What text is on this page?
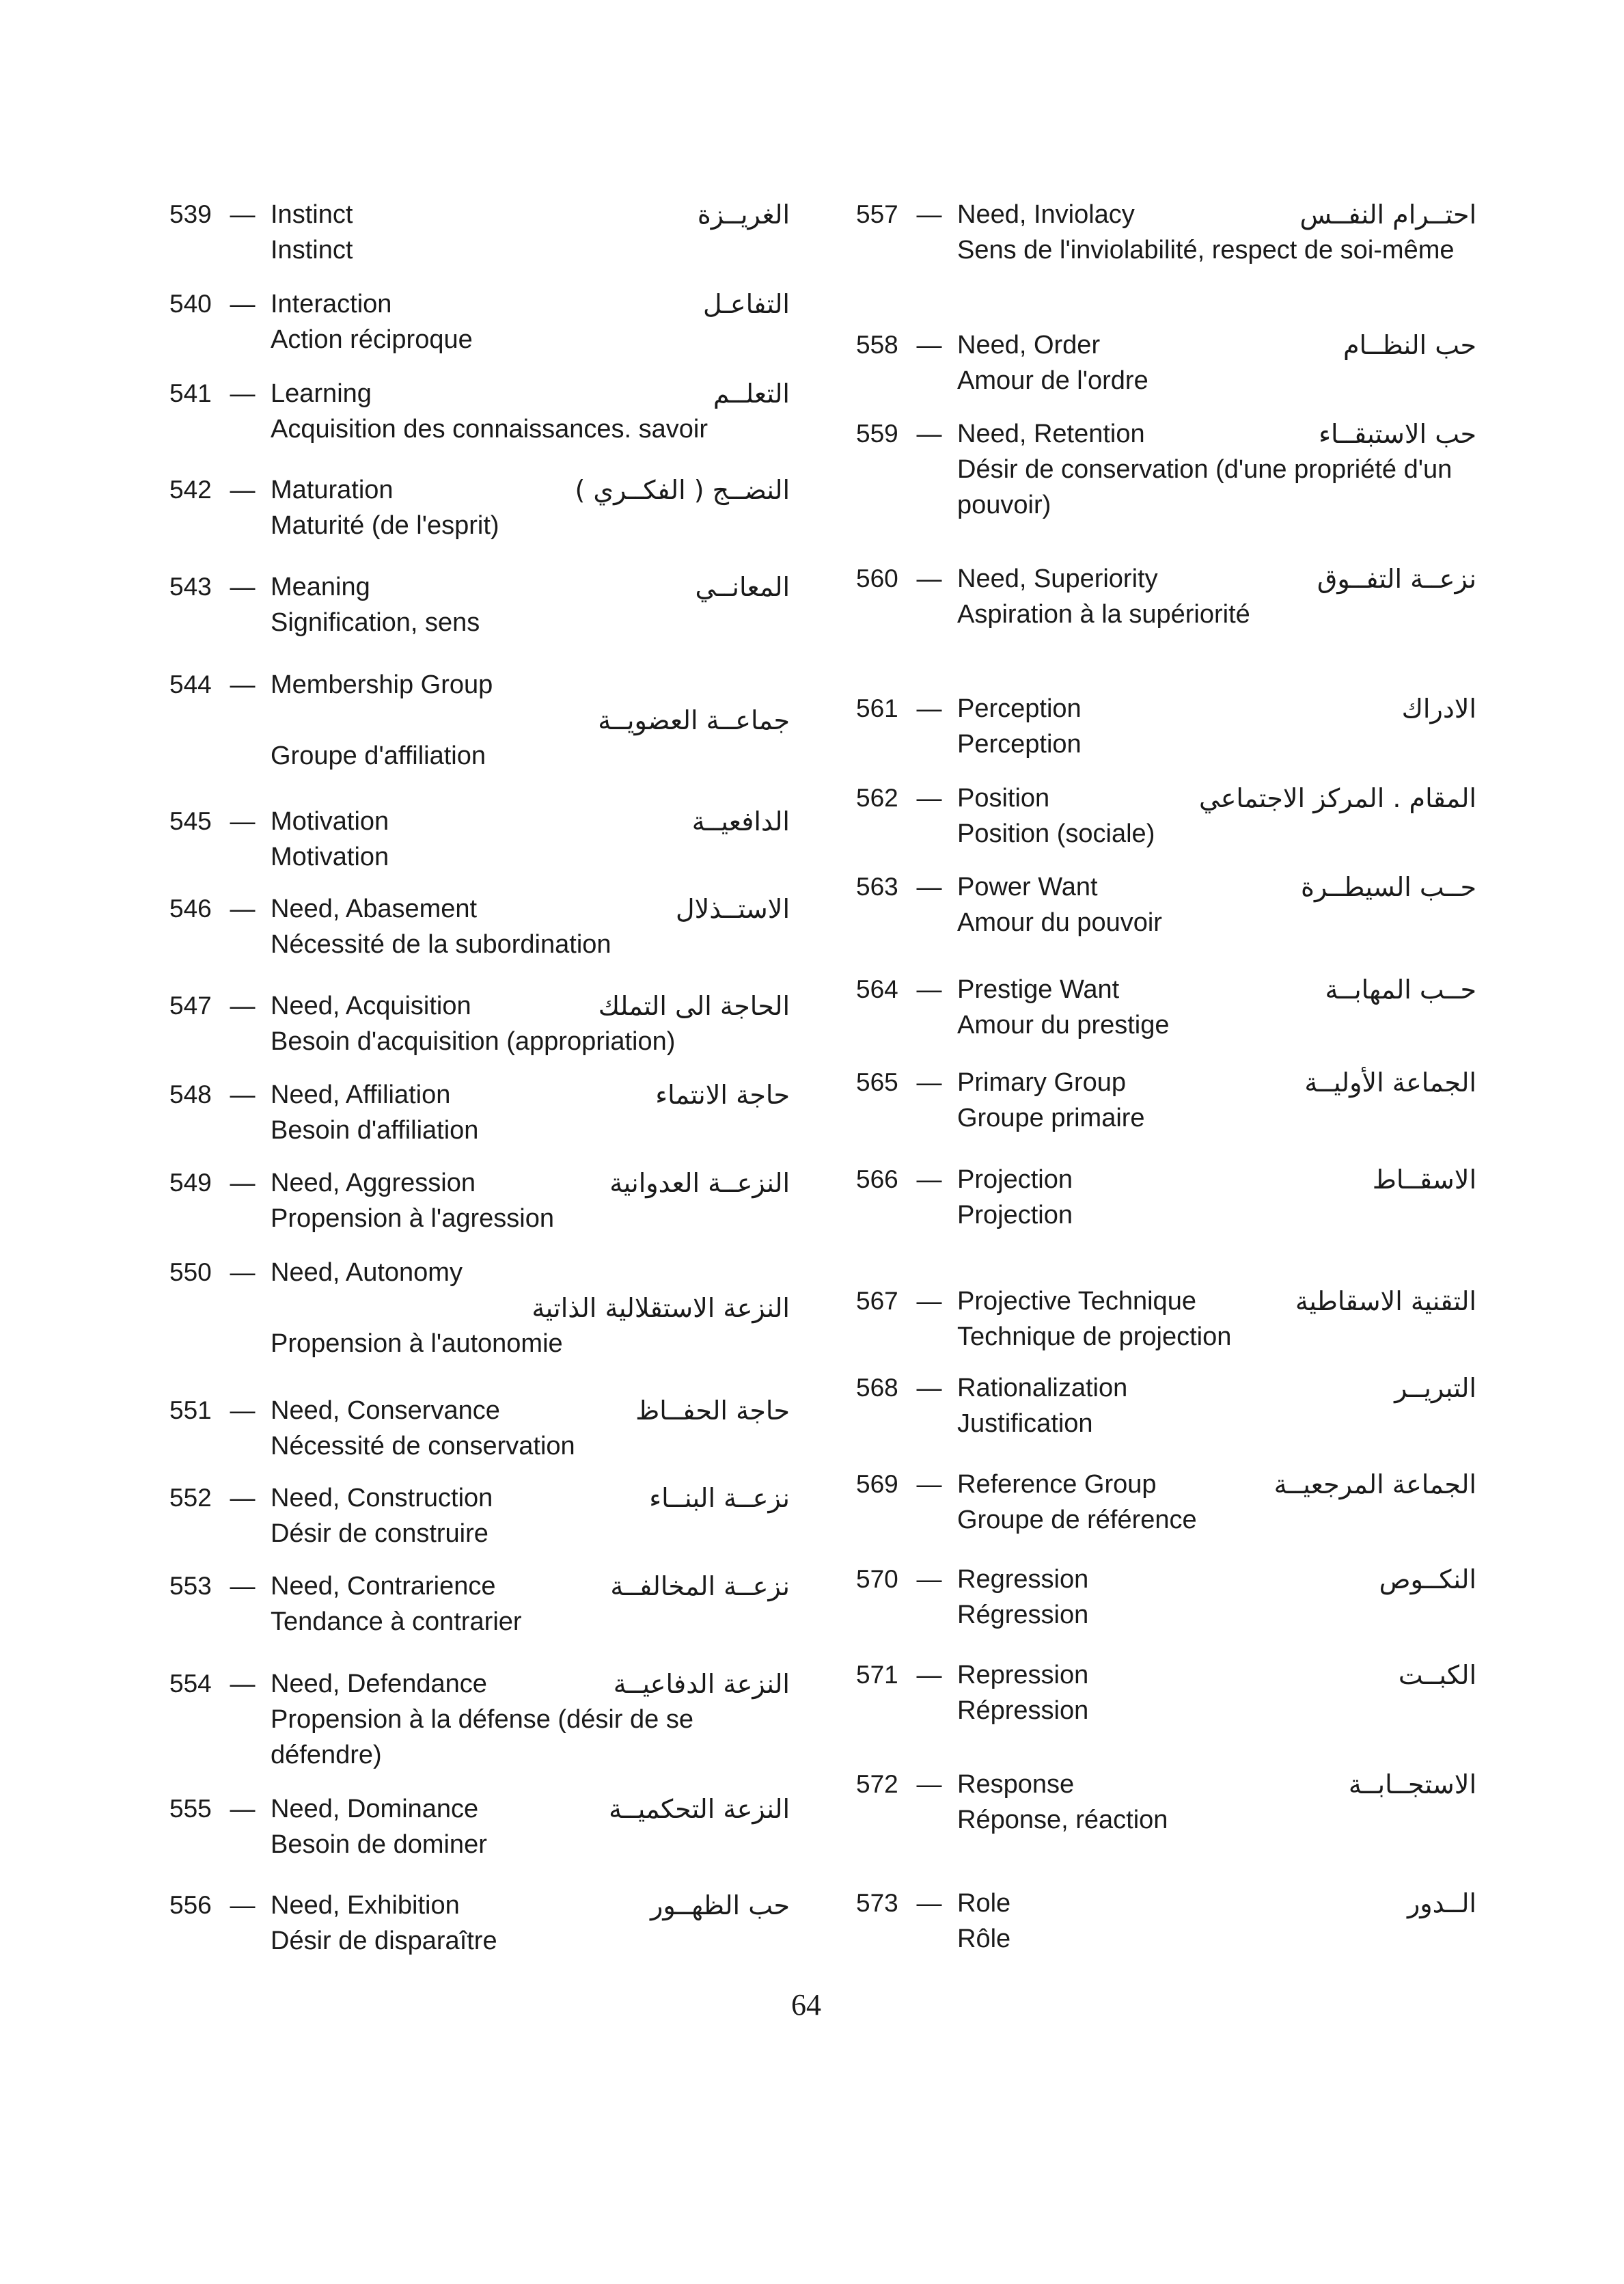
539 — Instinct	الغريــزة
Instinct
540 — Interaction	التفاعـل
Action réciproque
541 — Learning	التعلــم
Acquisition des connaissances. savoir
542 — Maturation	النضــج ( الفكــري )
Maturité (de l'esprit)
543 — Meaning	المعانــي
Signification, sens
544 — Membership Group
جماعــة العضويــة
Groupe d'affiliation
545 — Motivation	الدافعيــة
Motivation
546 — Need, Abasement	الاستــذلال
Nécessité de la subordination
547 — Need, Acquisition	الحاجة الى التملك
Besoin d'acquisition (appropriation)
548 — Need, Affiliation	حاجة الانتماء
Besoin d'affiliation
549 — Need, Aggression	النزعــة العدوانية
Propension à l'agression
550 — Need, Autonomy
النزعة الاستقلالية الذاتية
Propension à l'autonomie
551 — Need, Conservance	حاجة الحفــاظ
Nécessité de conservation
552 — Need, Construction	نزعــة البنــاء
Désir de construire
553 — Need, Contrarience	نزعــة المخالفــة
Tendance à contrarier
554 — Need, Defendance	النزعة الدفاعيــة
Propension à la défense (désir de se défendre)
555 — Need, Dominance	النزعة التحكميــة
Besoin de dominer
556 — Need, Exhibition	حب الظهــور
Désir de disparaître
557 — Need, Inviolacy	احتــرام النفــس
Sens de l'inviolabilité, respect de soi-même
558 — Need, Order	حب النظــام
Amour de l'ordre
559 — Need, Retention	حب الاستبقــاء
Désir de conservation (d'une propriété d'un pouvoir)
560 — Need, Superiority	نزعــة التفــوق
Aspiration à la supériorité
561 — Perception	الادراك
Perception
562 — Position	المقام . المركز الاجتماعي
Position (sociale)
563 — Power Want	حــب السيطــرة
Amour du pouvoir
564 — Prestige Want	حــب المهابــة
Amour du prestige
565 — Primary Group	الجماعة الأوليــة
Groupe primaire
566 — Projection	الاسقــاط
Projection
567 — Projective Technique	التقنية الاسقاطية
Technique de projection
568 — Rationalization	التبريــر
Justification
569 — Reference Group	الجماعة المرجعيــة
Groupe de référence
570 — Regression	النكــوص
Régression
571 — Repression	الكبــت
Répression
572 — Response	الاستجــابــة
Réponse, réaction
573 — Role	الــدور
Rôle
64
